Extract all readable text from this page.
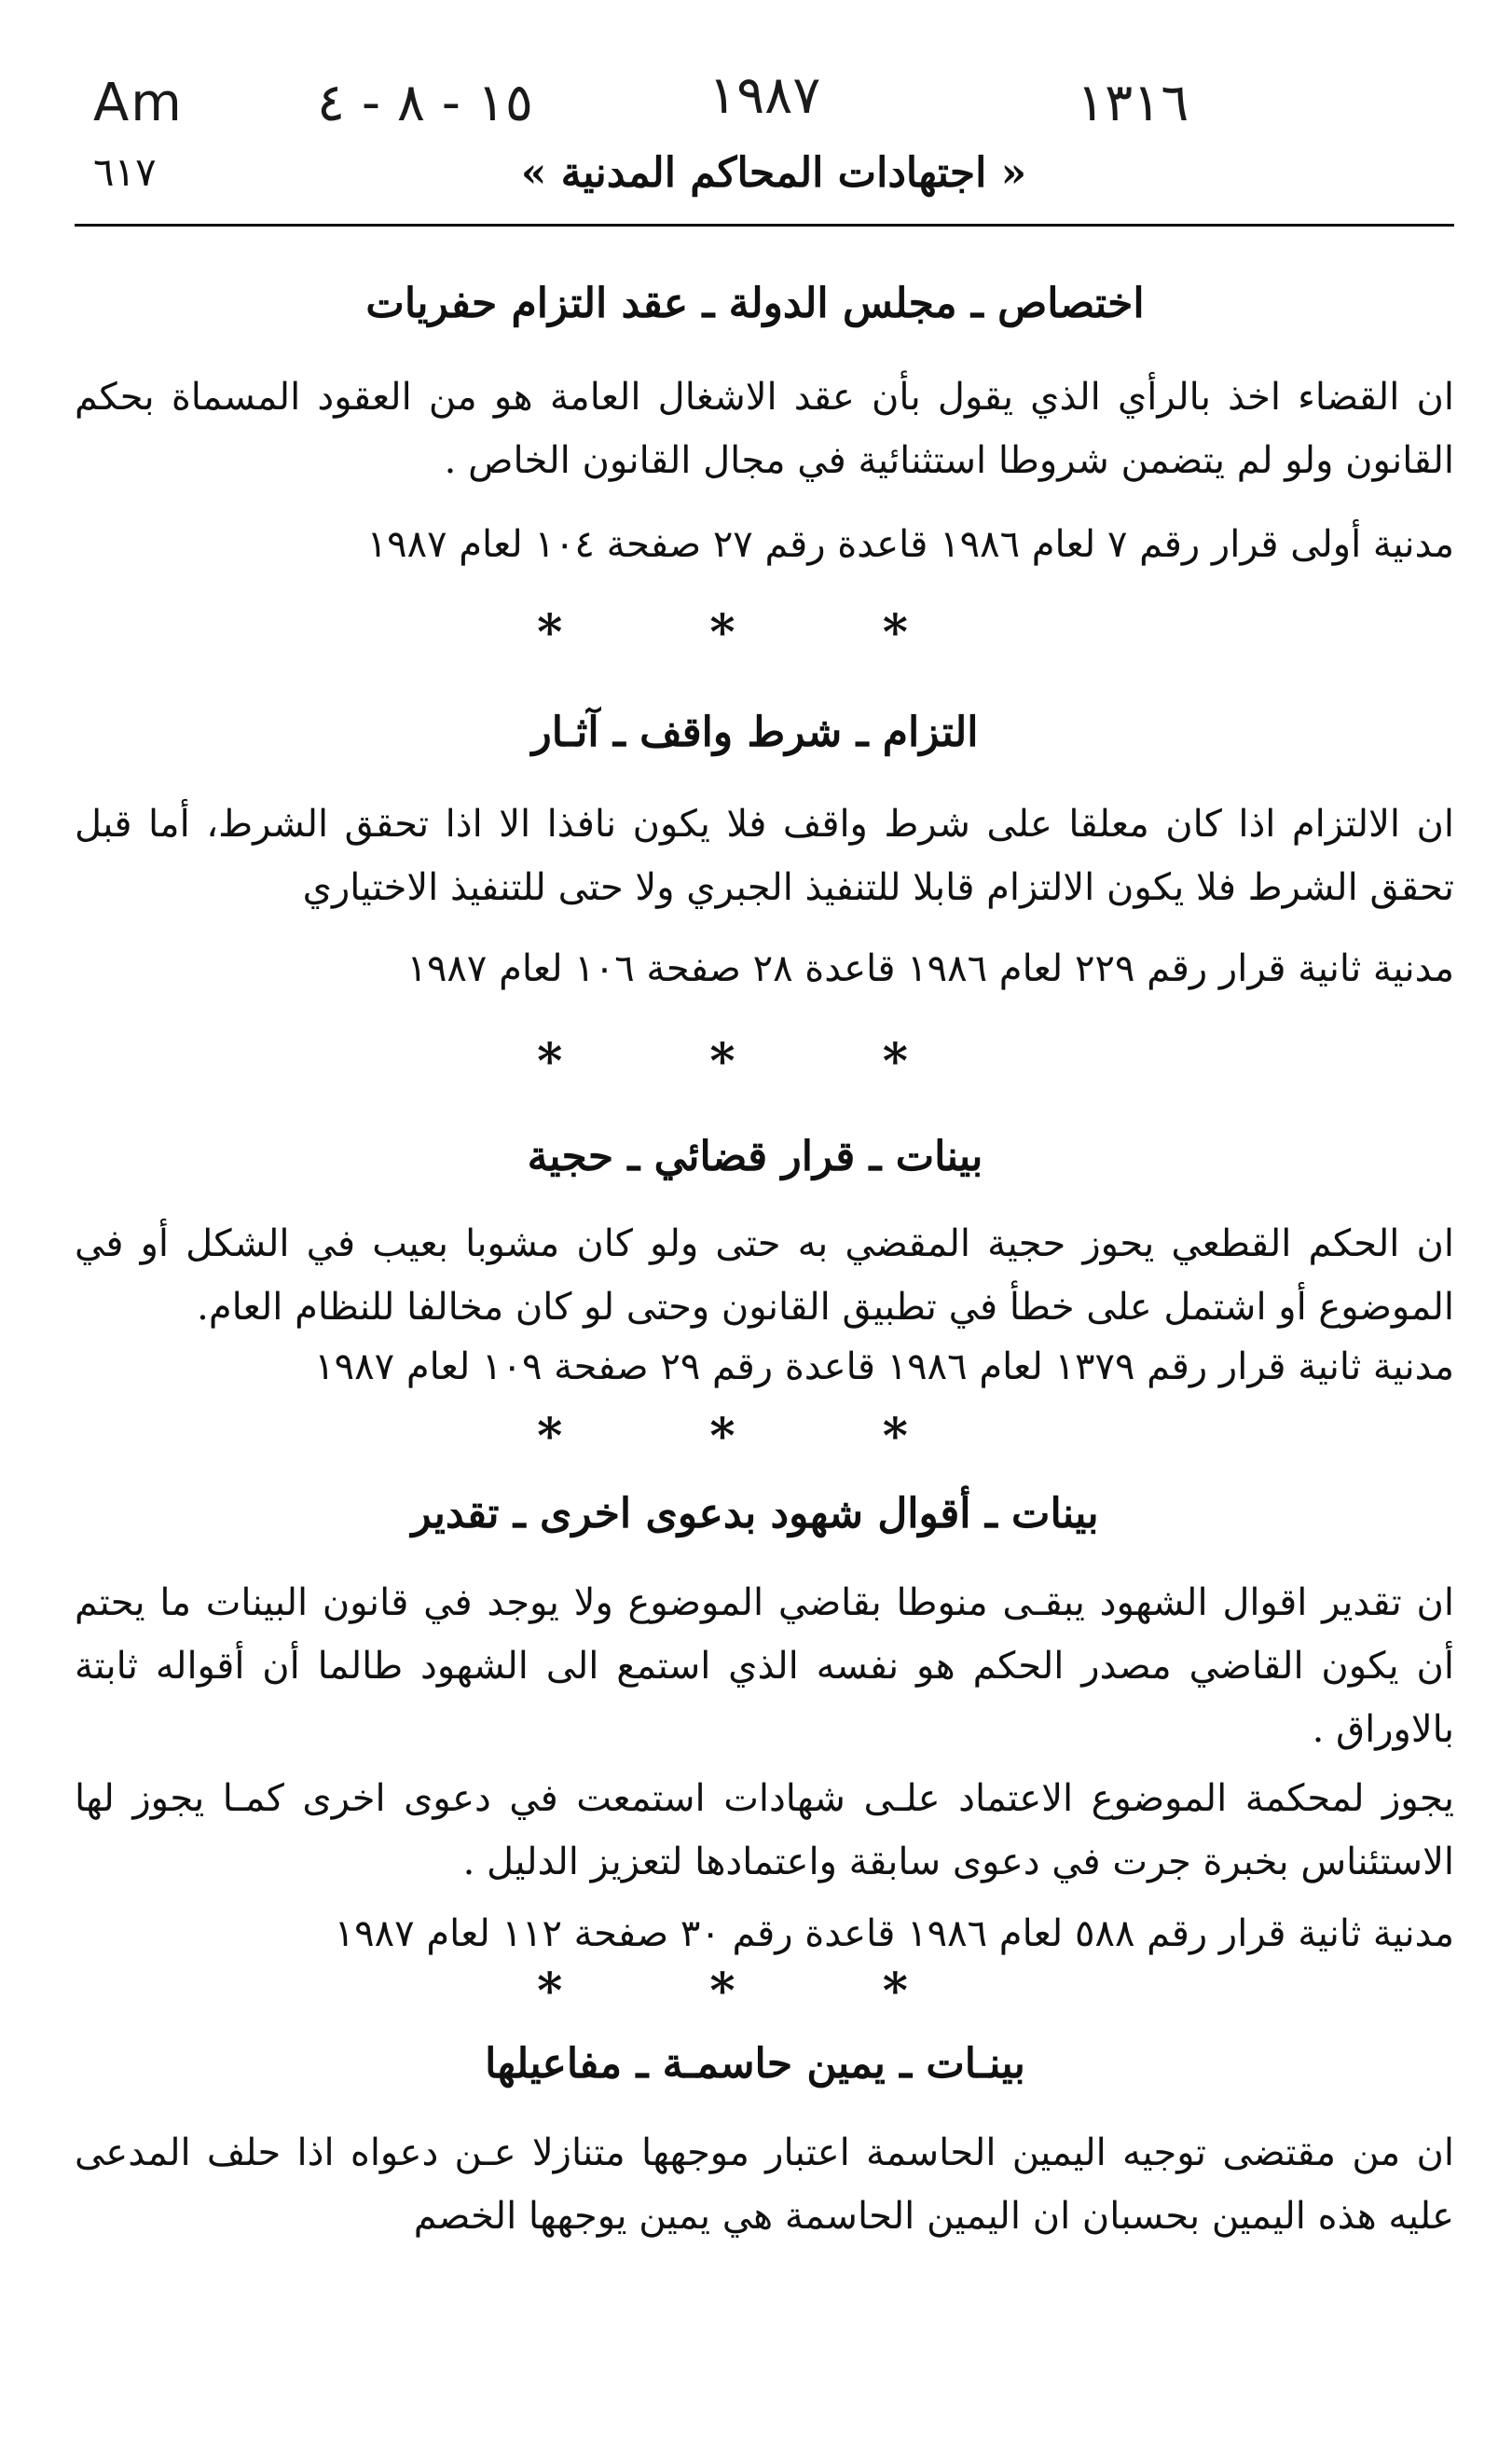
Am	١٥ - ٨ - ٤	١٩٨٧	١٣١٦
٦١٧	« اجتهادات المحاكم المدنية »
اختصاص ـ مجلس الدولة ـ عقد التزام حفريات

ان القضاء اخذ بالرأي الذي يقول بأن عقد الاشغال العامة هو من العقود المسماة بحكم القانون ولو لم يتضمن شروطا استثنائية في مجال القانون الخاص .

مدنية أولى قرار رقم ٧ لعام ١٩٨٦ قاعدة رقم ٢٧ صفحة ١٠٤ لعام ١٩٨٧

* * *
التزام ـ شرط واقف ـ آثـار

ان الالتزام اذا كان معلقا على شرط واقف فلا يكون نافذا الا اذا تحقق الشرط، أما قبل تحقق الشرط فلا يكون الالتزام قابلا للتنفيذ الجبري ولا حتى للتنفيذ الاختياري

مدنية ثانية قرار رقم ٢٢٩ لعام ١٩٨٦ قاعدة ٢٨ صفحة ١٠٦ لعام ١٩٨٧

* * *
بينات ـ قرار قضائي ـ حجية

ان الحكم القطعي يحوز حجية المقضي به حتى ولو كان مشوبا بعيب في الشكل أو في الموضوع أو اشتمل على خطأ في تطبيق القانون وحتى لو كان مخالفا للنظام العام.

مدنية ثانية قرار رقم ١٣٧٩ لعام ١٩٨٦ قاعدة رقم ٢٩ صفحة ١٠٩ لعام ١٩٨٧

* * *
بينات ـ أقوال شهود بدعوى اخرى ـ تقدير

ان تقدير اقوال الشهود يبقـى منوطا بقاضي الموضوع ولا يوجد في قانون البينات ما يحتم أن يكون القاضي مصدر الحكم هو نفسه الذي استمع الى الشهود طالما أن أقواله ثابتة بالاوراق .

يجوز لمحكمة الموضوع الاعتماد علـى شهادات استمعت في دعوى اخرى كمـا يجوز لها الاستئناس بخبرة جرت في دعوى سابقة واعتمادها لتعزيز الدليل .

مدنية ثانية قرار رقم ٥٨٨ لعام ١٩٨٦ قاعدة رقم ٣٠ صفحة ١١٢ لعام ١٩٨٧

* * *
بينـات ـ يمين حاسمـة ـ مفاعيلها

ان من مقتضى توجيه اليمين الحاسمة اعتبار موجهها متنازلا عـن دعواه اذا حلف المدعى عليه هذه اليمين بحسبان ان اليمين الحاسمة هي يمين يوجهها الخصم
